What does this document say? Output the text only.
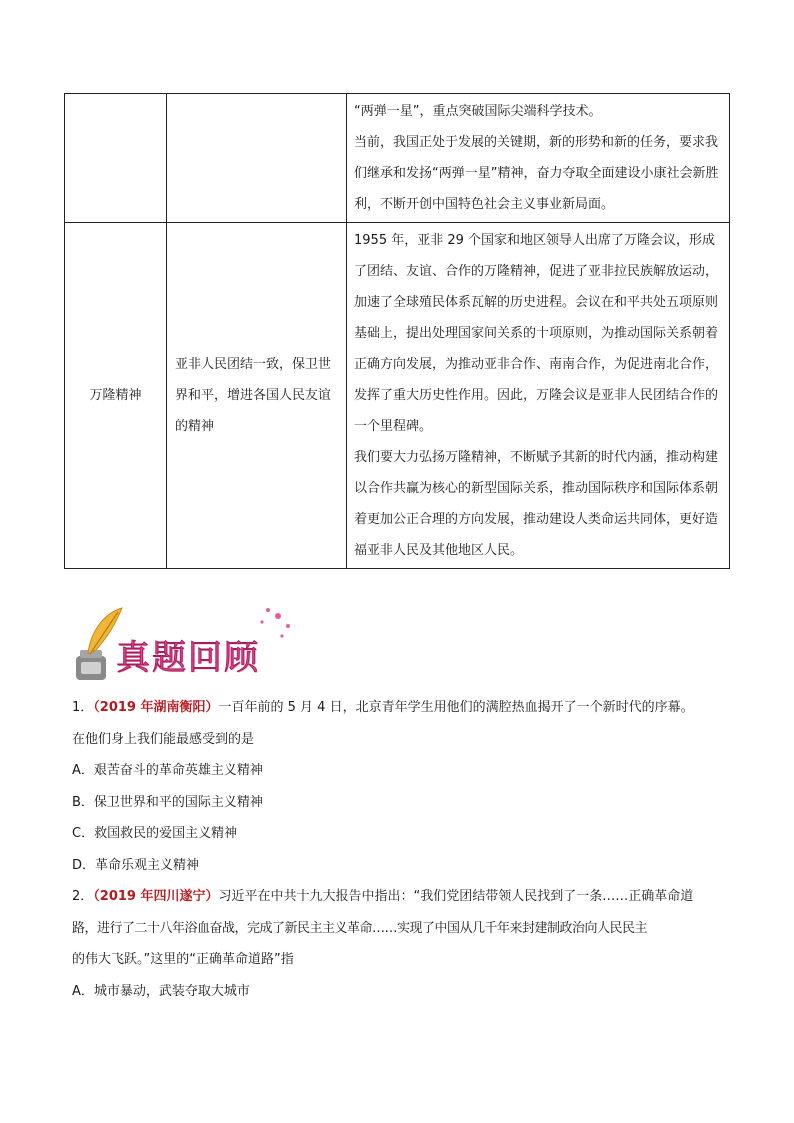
		“两弹一星”，重点突破国际尖端科学技术。

当前，我国正处于发展的关键期，新的形势和新的任务，要求我们继承和发扬“两弹一星”精神，奋力夺取全面建设小康社会新胜利，不断开创中国特色社会主义事业新局面。

万隆精神	亚非人民团结一致，保卫世界和平，增进各国人民友谊的精神	1955 年，亚非 29 个国家和地区领导人出席了万隆会议，形成了团结、友谊、合作的万隆精神，促进了亚非拉民族解放运动，加速了全球殖民体系瓦解的历史进程。会议在和平共处五项原则基础上，提出处理国家间关系的十项原则，为推动国际关系朝着正确方向发展，为推动亚非合作、南南合作，为促进南北合作，发挥了重大历史性作用。因此，万隆会议是亚非人民团结合作的一个里程碑。

我们要大力弘扬万隆精神，不断赋予其新的时代内涵，推动构建以合作共赢为核心的新型国际关系，推动国际秩序和国际体系朝着更加公正合理的方向发展，推动建设人类命运共同体，更好造福亚非人民及其他地区人民。

真题回顾

1．（2019 年湖南衡阳）一百年前的 5 月 4 日，北京青年学生用他们的满腔热血揭开了一个新时代的序幕。

在他们身上我们能最感受到的是

A．艰苦奋斗的革命英雄主义精神

B．保卫世界和平的国际主义精神

C．救国救民的爱国主义精神

D．革命乐观主义精神

2．（2019 年四川遂宁）习近平在中共十九大报告中指出：“我们党团结带领人民找到了一条……正确革命道

路，进行了二十八年浴血奋战，完成了新民主主义革命……实现了中国从几千年来封建制政治向人民民主

的伟大飞跃。”这里的“正确革命道路”指

A．城市暴动，武装夺取大城市
